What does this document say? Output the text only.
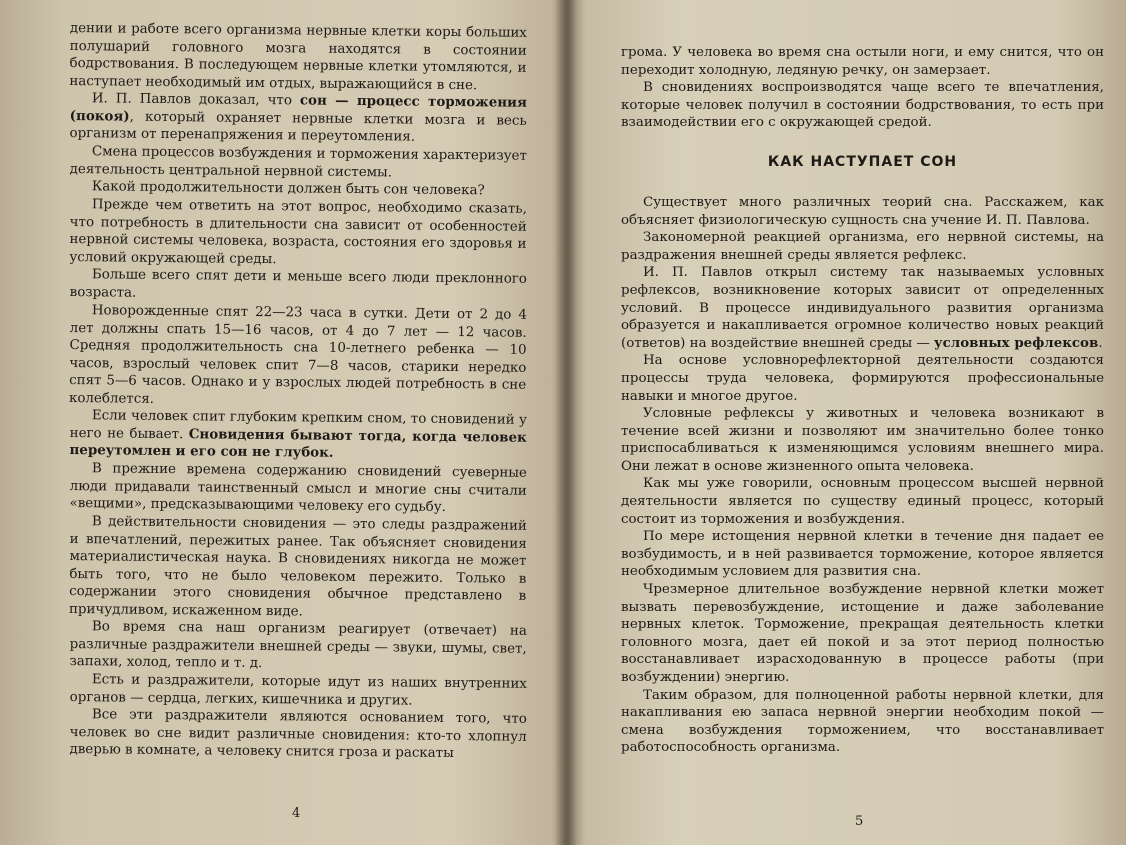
дении и работе всего организма нервные клетки коры больших полушарий головного мозга находятся в состоянии бодрствования. В последующем нервные клетки утомляются, и наступает необходимый им отдых, выражающийся в сне.

И. П. Павлов доказал, что сон — процесс торможения (покоя), который охраняет нервные клетки мозга и весь организм от перенапряжения и переутомления.

Смена процессов возбуждения и торможения характеризует деятельность центральной нервной системы.

Какой продолжительности должен быть сон человека?

Прежде чем ответить на этот вопрос, необходимо сказать, что потребность в длительности сна зависит от особенностей нервной системы человека, возраста, состояния его здоровья и условий окружающей среды.

Больше всего спят дети и меньше всего люди преклонного возраста.

Новорожденные спят 22—23 часа в сутки. Дети от 2 до 4 лет должны спать 15—16 часов, от 4 до 7 лет — 12 часов. Средняя продолжительность сна 10-летнего ребенка — 10 часов, взрослый человек спит 7—8 часов, старики нередко спят 5—6 часов. Однако и у взрослых людей потребность в сне колеблется.

Если человек спит глубоким крепким сном, то сновидений у него не бывает. Сновидения бывают тогда, когда человек переутомлен и его сон не глубок.

В прежние времена содержанию сновидений суеверные люди придавали таинственный смысл и многие сны считали «вещими», предсказывающими человеку его судьбу.

В действительности сновидения — это следы раздражений и впечатлений, пережитых ранее. Так объясняет сновидения материалистическая наука. В сновидениях никогда не может быть того, что не было человеком пережито. Только в содержании этого сновидения обычное представлено в причудливом, искаженном виде.

Во время сна наш организм реагирует (отвечает) на различные раздражители внешней среды — звуки, шумы, свет, запахи, холод, тепло и т. д.

Есть и раздражители, которые идут из наших внутренних органов — сердца, легких, кишечника и других.

Все эти раздражители являются основанием того, что человек во сне видит различные сновидения: кто-то хлопнул дверью в комнате, а человеку снится гроза и раскаты

4

грома. У человека во время сна остыли ноги, и ему снится, что он переходит холодную, ледяную речку, он замерзает.

В сновидениях воспроизводятся чаще всего те впечатления, которые человек получил в состоянии бодрствования, то есть при взаимодействии его с окружающей средой.

КАК НАСТУПАЕТ СОН

Существует много различных теорий сна. Расскажем, как объясняет физиологическую сущность сна учение И. П. Павлова.

Закономерной реакцией организма, его нервной системы, на раздражения внешней среды является рефлекс.

И. П. Павлов открыл систему так называемых условных рефлексов, возникновение которых зависит от определенных условий. В процессе индивидуального развития организма образуется и накапливается огромное количество новых реакций (ответов) на воздействие внешней среды — условных рефлексов.

На основе условнорефлекторной деятельности создаются процессы труда человека, формируются профессиональные навыки и многое другое.

Условные рефлексы у животных и человека возникают в течение всей жизни и позволяют им значительно более тонко приспосабливаться к изменяющимся условиям внешнего мира. Они лежат в основе жизненного опыта человека.

Как мы уже говорили, основным процессом высшей нервной деятельности является по существу единый процесс, который состоит из торможения и возбуждения.

По мере истощения нервной клетки в течение дня падает ее возбудимость, и в ней развивается торможение, которое является необходимым условием для развития сна.

Чрезмерное длительное возбуждение нервной клетки может вызвать перевозбуждение, истощение и даже заболевание нервных клеток. Торможение, прекращая деятельность клетки головного мозга, дает ей покой и за этот период полностью восстанавливает израсходованную в процессе работы (при возбуждении) энергию.

Таким образом, для полноценной работы нервной клетки, для накапливания ею запаса нервной энергии необходим покой — смена возбуждения торможением, что восстанавливает работоспособность организма.

5
